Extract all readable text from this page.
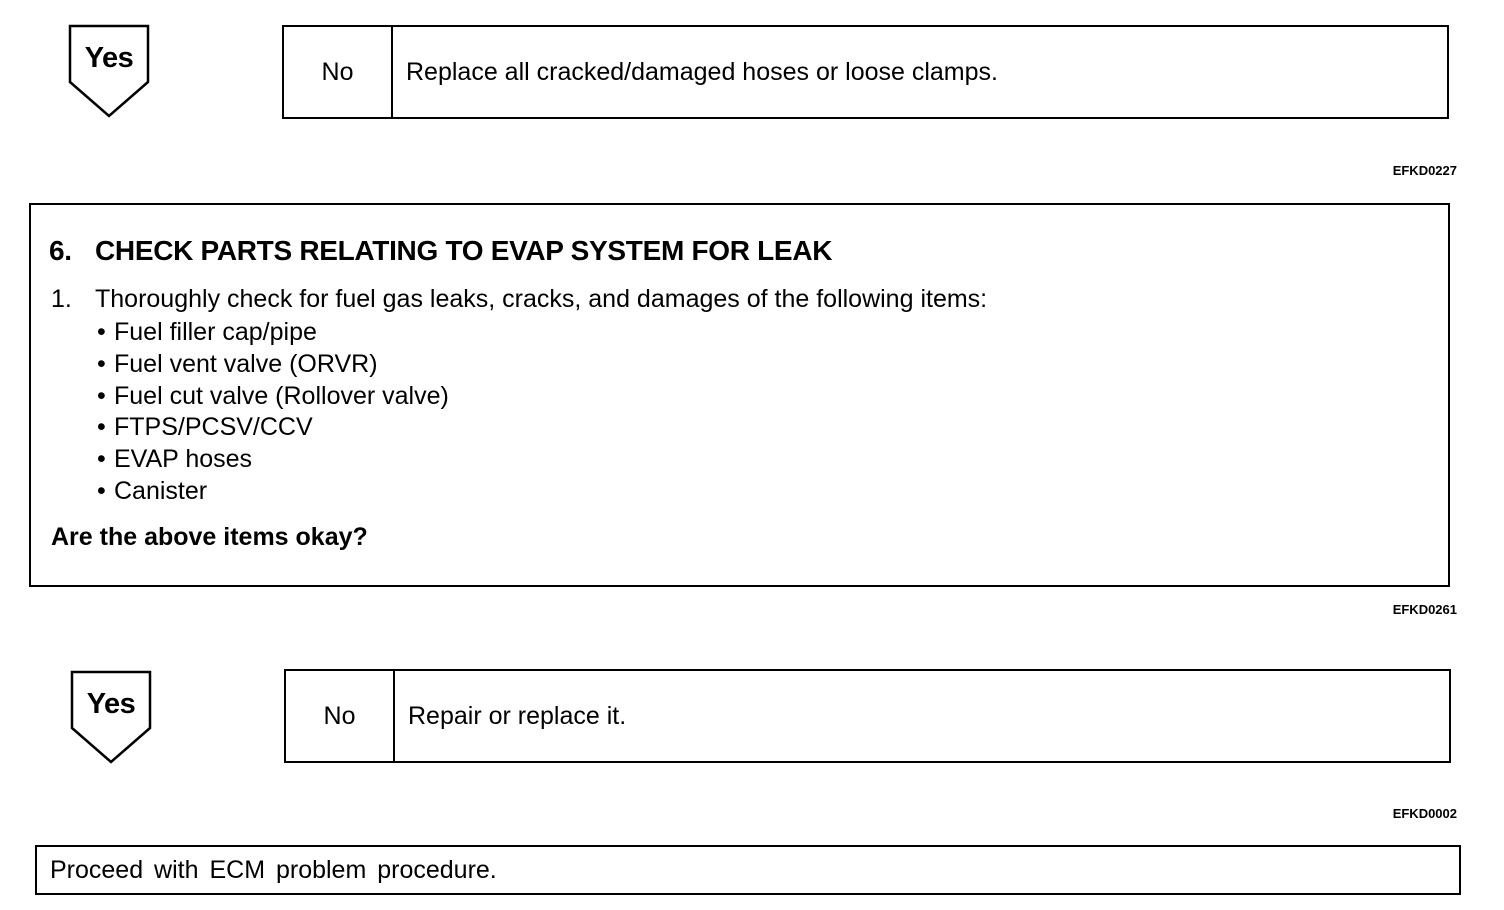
Yes	No	Replace all cracked/damaged hoses or loose clamps.
EFKD0227
6. CHECK PARTS RELATING TO EVAP SYSTEM FOR LEAK
1. Thoroughly check for fuel gas leaks, cracks, and damages of the following items:
• Fuel filler cap/pipe
• Fuel vent valve (ORVR)
• Fuel cut valve (Rollover valve)
• FTPS/PCSV/CCV
• EVAP hoses
• Canister
Are the above items okay?
EFKD0261
Yes	No	Repair or replace it.
EFKD0002
Proceed with ECM problem procedure.
